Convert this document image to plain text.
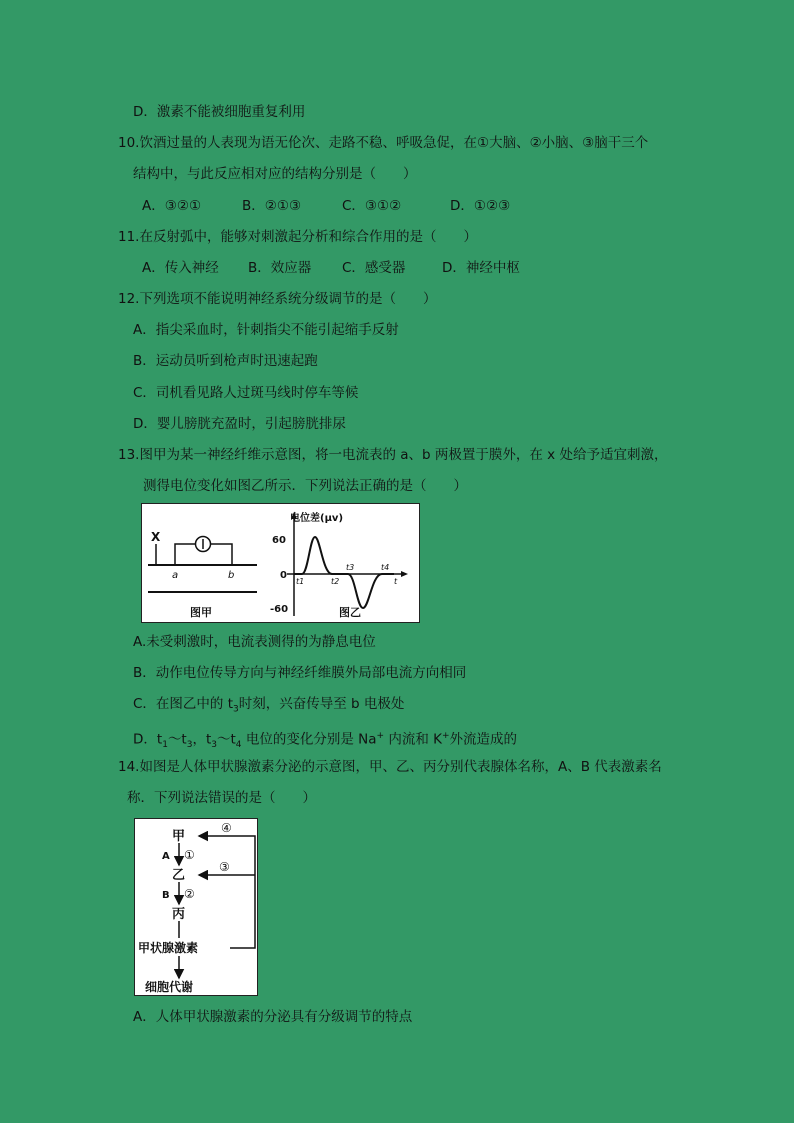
D．激素不能被细胞重复利用
10.饮酒过量的人表现为语无伦次、走路不稳、呼吸急促，在①大脑、②小脑、③脑干三个
结构中，与此反应相对应的结构分别是（　　）
A．③②①	B．②①③	C．③①②	D．①②③
11.在反射弧中，能够对刺激起分析和综合作用的是（　　）
A．传入神经 B．效应器 C．感受器	D．神经中枢
12.下列选项不能说明神经系统分级调节的是（　　）
A．指尖采血时，针刺指尖不能引起缩手反射
B．运动员听到枪声时迅速起跑
C．司机看见路人过斑马线时停车等候
D．婴儿膀胱充盈时，引起膀胱排尿
13.图甲为某一神经纤维示意图，将一电流表的 a、b 两极置于膜外，在 x 处给予适宜刺激，
测得电位变化如图乙所示．下列说法正确的是（　　）
X
a	b
图甲
电位差(μv)
60
0
-60
t1	t2
t3	t4
t
图乙
A.未受刺激时，电流表测得的为静息电位
B．动作电位传导方向与神经纤维膜外局部电流方向相同
C．在图乙中的 $t_3$时刻，兴奋传导至 b 电极处
D．$t_1\sim t_3$，$t_3\sim t_4$ 电位的变化分别是 Na+ 内流和 K+外流造成的
14.如图是人体甲状腺激素分泌的示意图，甲、乙、丙分别代表腺体名称，A、B 代表激素名
称．下列说法错误的是（　　）
甲
乙
丙
甲状腺激素
细胞代谢
A
B
①
②
④
③
A．人体甲状腺激素的分泌具有分级调节的特点
